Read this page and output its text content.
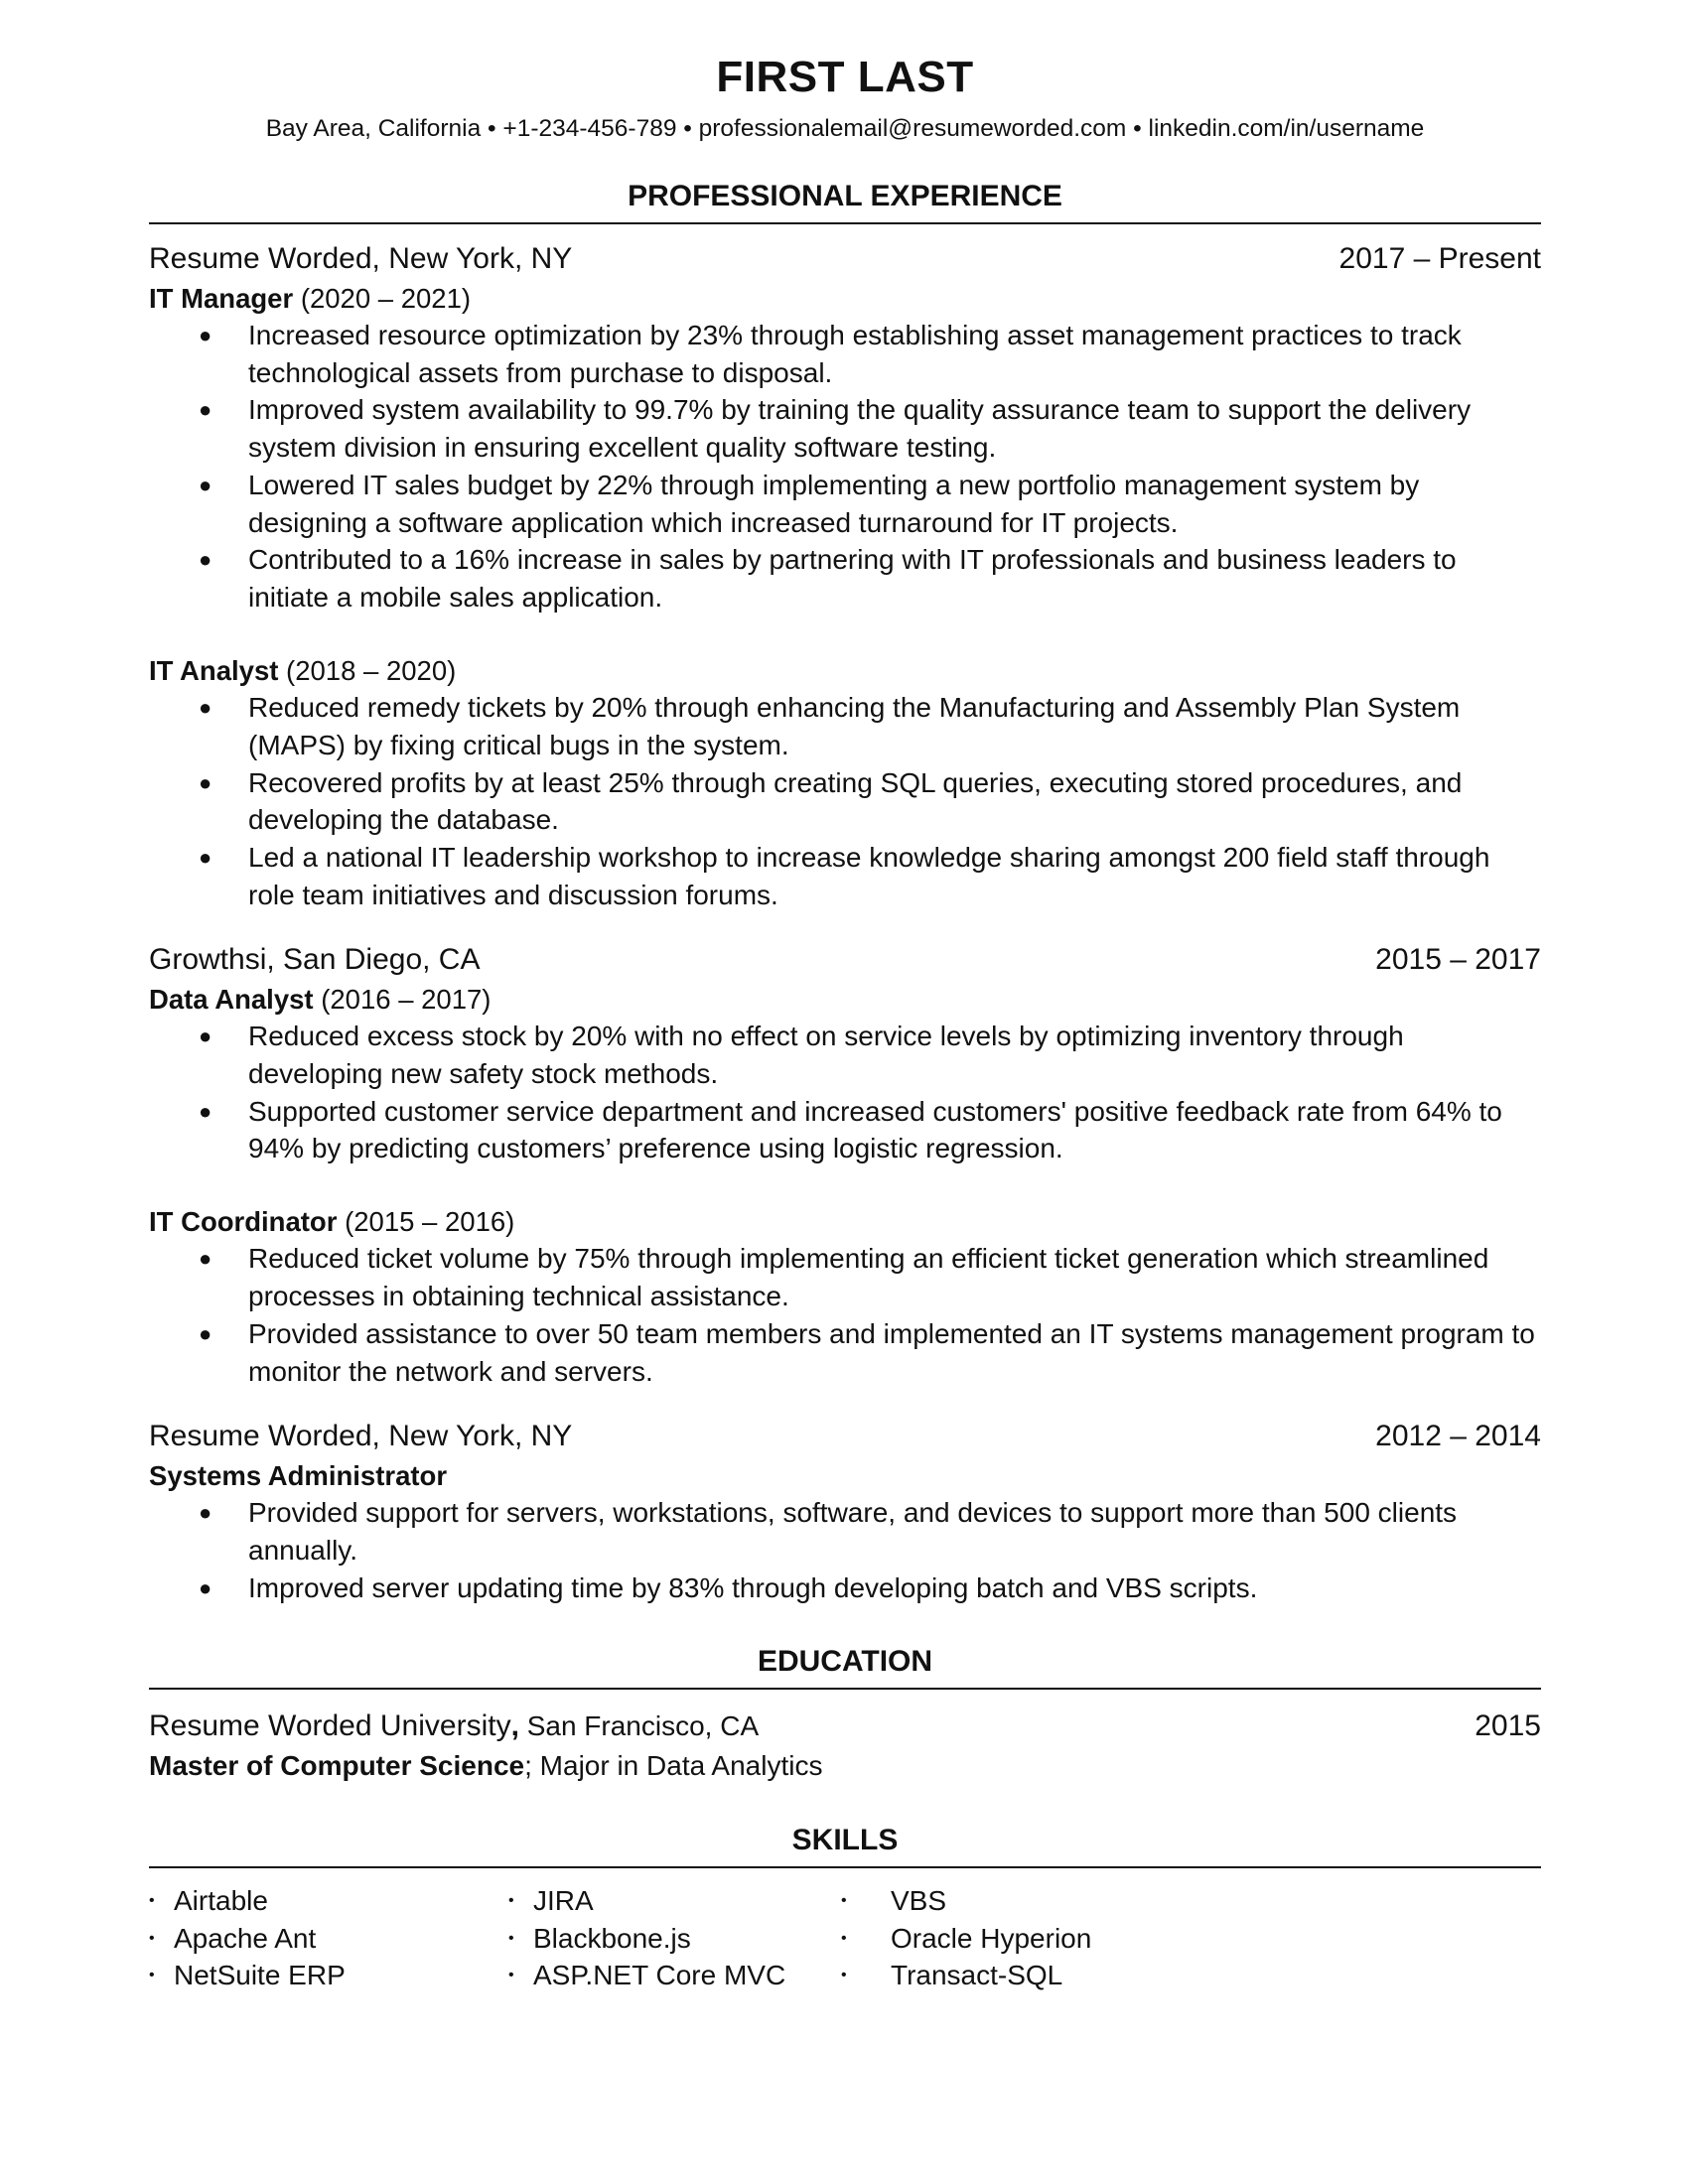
FIRST LAST
Bay Area, California • +1-234-456-789 • professionalemail@resumeworded.com • linkedin.com/in/username
PROFESSIONAL EXPERIENCE
Resume Worded, New York, NY	2017 – Present
IT Manager (2020 – 2021)
● Increased resource optimization by 23% through establishing asset management practices to track technological assets from purchase to disposal.
● Improved system availability to 99.7% by training the quality assurance team to support the delivery system division in ensuring excellent quality software testing.
● Lowered IT sales budget by 22% through implementing a new portfolio management system by designing a software application which increased turnaround for IT projects.
● Contributed to a 16% increase in sales by partnering with IT professionals and business leaders to initiate a mobile sales application.
IT Analyst (2018 – 2020)
● Reduced remedy tickets by 20% through enhancing the Manufacturing and Assembly Plan System (MAPS) by fixing critical bugs in the system.
● Recovered profits by at least 25% through creating SQL queries, executing stored procedures, and developing the database.
● Led a national IT leadership workshop to increase knowledge sharing amongst 200 field staff through role team initiatives and discussion forums.
Growthsi, San Diego, CA	2015 – 2017
Data Analyst (2016 – 2017)
● Reduced excess stock by 20% with no effect on service levels by optimizing inventory through developing new safety stock methods.
● Supported customer service department and increased customers' positive feedback rate from 64% to 94% by predicting customers’ preference using logistic regression.
IT Coordinator (2015 – 2016)
● Reduced ticket volume by 75% through implementing an efficient ticket generation which streamlined processes in obtaining technical assistance.
● Provided assistance to over 50 team members and implemented an IT systems management program to monitor the network and servers.
Resume Worded, New York, NY	2012 – 2014
Systems Administrator
● Provided support for servers, workstations, software, and devices to support more than 500 clients annually.
● Improved server updating time by 83% through developing batch and VBS scripts.
EDUCATION
Resume Worded University, San Francisco, CA	2015
Master of Computer Science; Major in Data Analytics
SKILLS
• Airtable
• Apache Ant
• NetSuite ERP
• JIRA
• Blackbone.js
• ASP.NET Core MVC
• VBS
• Oracle Hyperion
• Transact-SQL
